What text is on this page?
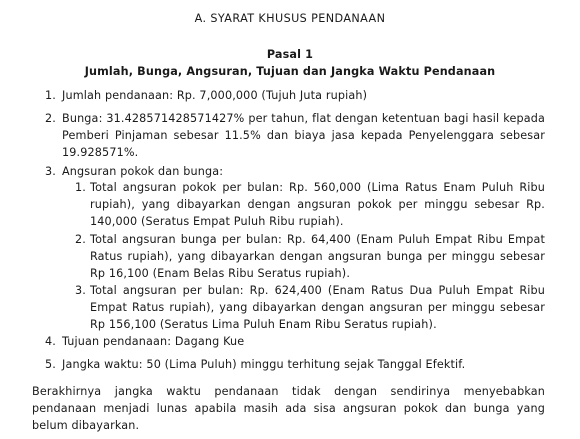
A. SYARAT KHUSUS PENDANAAN
Pasal 1
Jumlah, Bunga, Angsuran, Tujuan dan Jangka Waktu Pendanaan
1. Jumlah pendanaan: Rp. 7,000,000 (Tujuh Juta rupiah)
2. Bunga: 31.428571428571427% per tahun, flat dengan ketentuan bagi hasil kepada Pemberi Pinjaman sebesar 11.5% dan biaya jasa kepada Penyelenggara sebesar 19.928571%.
3. Angsuran pokok dan bunga:
1. Total angsuran pokok per bulan: Rp. 560,000 (Lima Ratus Enam Puluh Ribu rupiah), yang dibayarkan dengan angsuran pokok per minggu sebesar Rp. 140,000 (Seratus Empat Puluh Ribu rupiah).
2. Total angsuran bunga per bulan: Rp. 64,400 (Enam Puluh Empat Ribu Empat Ratus rupiah), yang dibayarkan dengan angsuran bunga per minggu sebesar Rp 16,100 (Enam Belas Ribu Seratus rupiah).
3. Total angsuran per bulan: Rp. 624,400 (Enam Ratus Dua Puluh Empat Ribu Empat Ratus rupiah), yang dibayarkan dengan angsuran per minggu sebesar Rp 156,100 (Seratus Lima Puluh Enam Ribu Seratus rupiah).
4. Tujuan pendanaan: Dagang Kue
5. Jangka waktu: 50 (Lima Puluh) minggu terhitung sejak Tanggal Efektif.
Berakhirnya jangka waktu pendanaan tidak dengan sendirinya menyebabkan pendanaan menjadi lunas apabila masih ada sisa angsuran pokok dan bunga yang belum dibayarkan.
